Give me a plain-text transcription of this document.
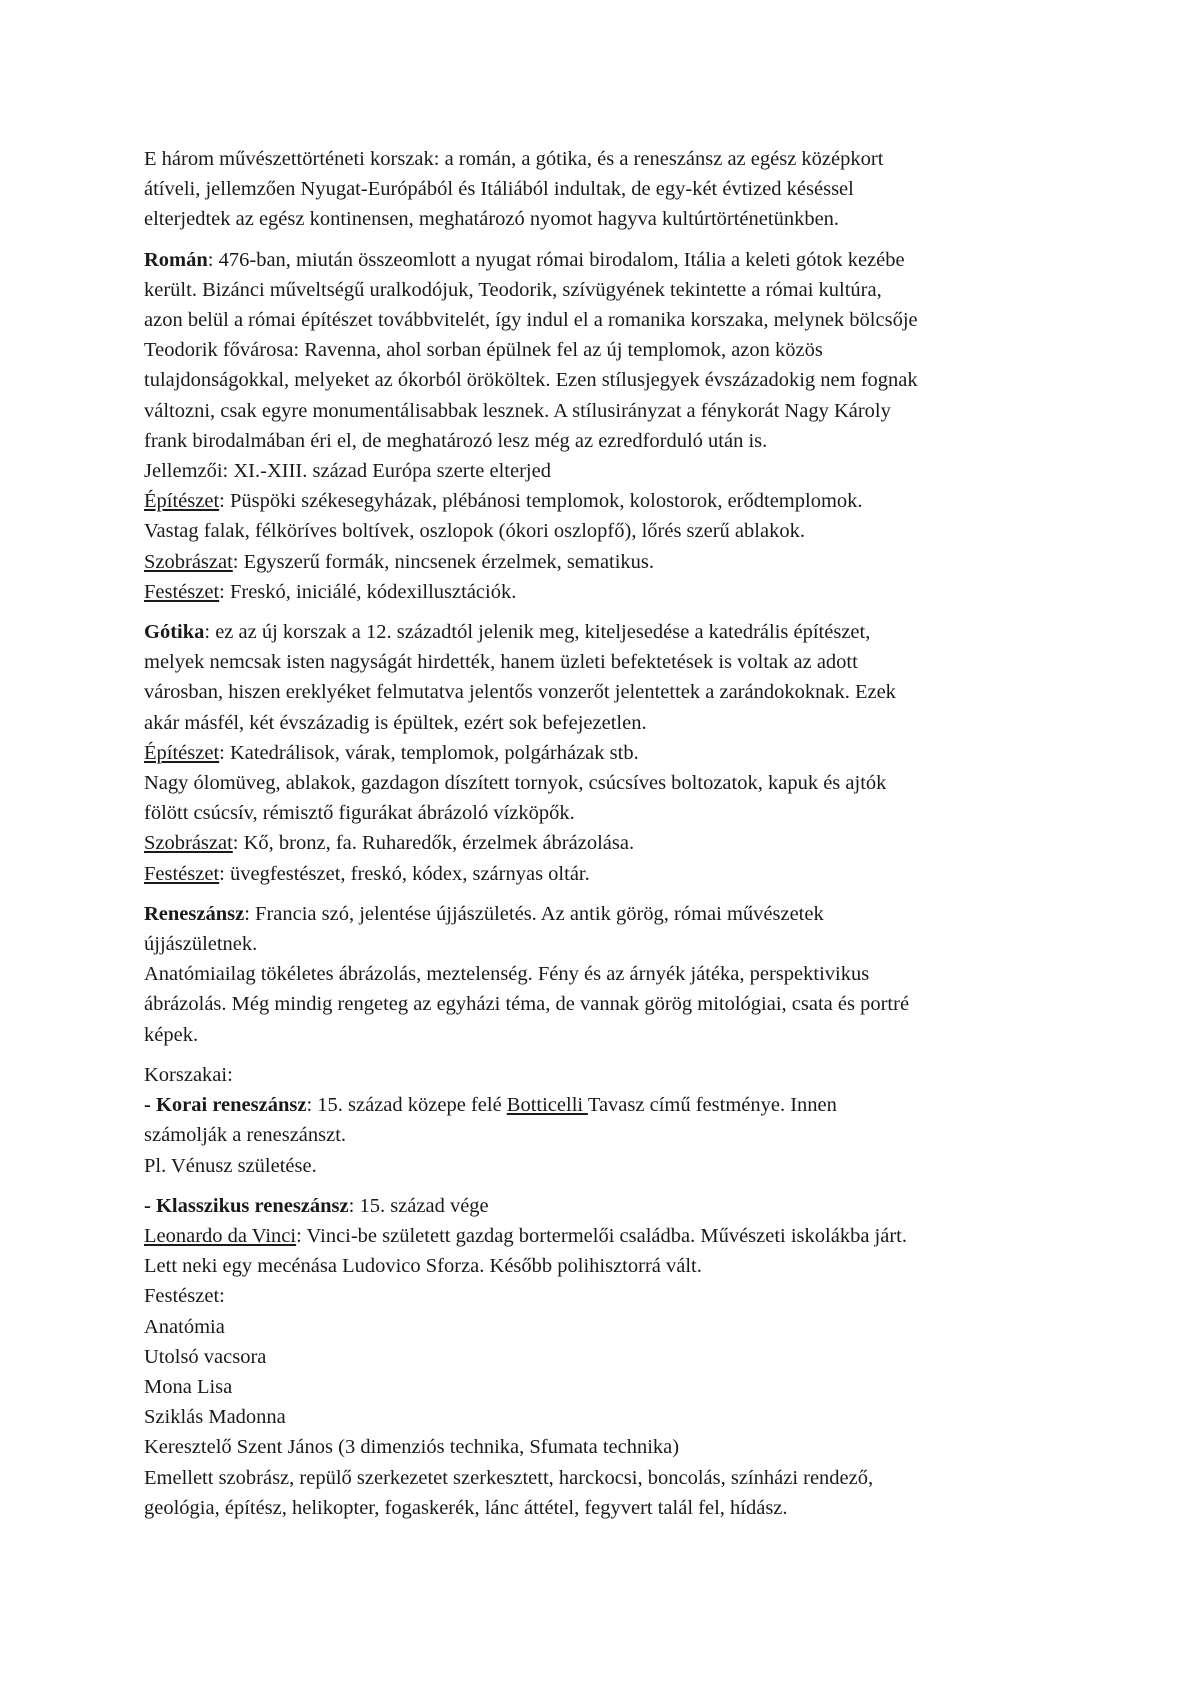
E három művészettörténeti korszak: a román, a gótika, és a reneszánsz az egész középkort
átíveli, jellemzően Nyugat-Európából és Itáliából indultak, de egy-két évtized késéssel
elterjedtek az egész kontinensen, meghatározó nyomot hagyva kultúrtörténetünkben.

Román: 476-ban, miután összeomlott a nyugat római birodalom, Itália a keleti gótok kezébe
került. Bizánci műveltségű uralkodójuk, Teodorik, szívügyének tekintette a római kultúra,
azon belül a római építészet továbbvitelét, így indul el a romanika korszaka, melynek bölcsője
Teodorik fővárosa: Ravenna, ahol sorban épülnek fel az új templomok, azon közös
tulajdonságokkal, melyeket az ókorból örököltek. Ezen stílusjegyek évszázadokig nem fognak
változni, csak egyre monumentálisabbak lesznek. A stílusirányzat a fénykorát Nagy Károly
frank birodalmában éri el, de meghatározó lesz még az ezredforduló után is.
Jellemzői: XI.-XIII. század Európa szerte elterjed
Építészet: Püspöki székesegyházak, plébánosi templomok, kolostorok, erődtemplomok.
Vastag falak, félköríves boltívek, oszlopok (ókori oszlopfő), lőrés szerű ablakok.
Szobrászat: Egyszerű formák, nincsenek érzelmek, sematikus.
Festészet: Freskó, iniciálé, kódexillusztációk.

Gótika: ez az új korszak a 12. századtól jelenik meg, kiteljesedése a katedrális építészet,
melyek nemcsak isten nagyságát hirdették, hanem üzleti befektetések is voltak az adott
városban, hiszen ereklyéket felmutatva jelentős vonzerőt jelentettek a zarándokoknak. Ezek
akár másfél, két évszázadig is épültek, ezért sok befejezetlen.
Építészet: Katedrálisok, várak, templomok, polgárházak stb.
Nagy ólomüveg, ablakok, gazdagon díszített tornyok, csúcsíves boltozatok, kapuk és ajtók
fölött csúcsív, rémisztő figurákat ábrázoló vízköpők.
Szobrászat: Kő, bronz, fa. Ruharedők, érzelmek ábrázolása.
Festészet: üvegfestészet, freskó, kódex, szárnyas oltár.

Reneszánsz: Francia szó, jelentése újjászületés. Az antik görög, római művészetek
újjászületnek.
Anatómiailag tökéletes ábrázolás, meztelenség. Fény és az árnyék játéka, perspektivikus
ábrázolás. Még mindig rengeteg az egyházi téma, de vannak görög mitológiai, csata és portré
képek.

Korszakai:
- Korai reneszánsz: 15. század közepe felé Botticelli Tavasz című festménye. Innen
számolják a reneszánszt.
Pl. Vénusz születése.

- Klasszikus reneszánsz: 15. század vége
Leonardo da Vinci: Vinci-be született gazdag bortermelői családba. Művészeti iskolákba járt.
Lett neki egy mecénása Ludovico Sforza. Később polihisztorrá vált.
Festészet:
Anatómia
Utolsó vacsora
Mona Lisa
Sziklás Madonna
Keresztelő Szent János (3 dimenziós technika, Sfumata technika)
Emellett szobrász, repülő szerkezetet szerkesztett, harckocsi, boncolás, színházi rendező,
geológia, építész, helikopter, fogaskerék, lánc áttétel, fegyvert talál fel, hídász.
